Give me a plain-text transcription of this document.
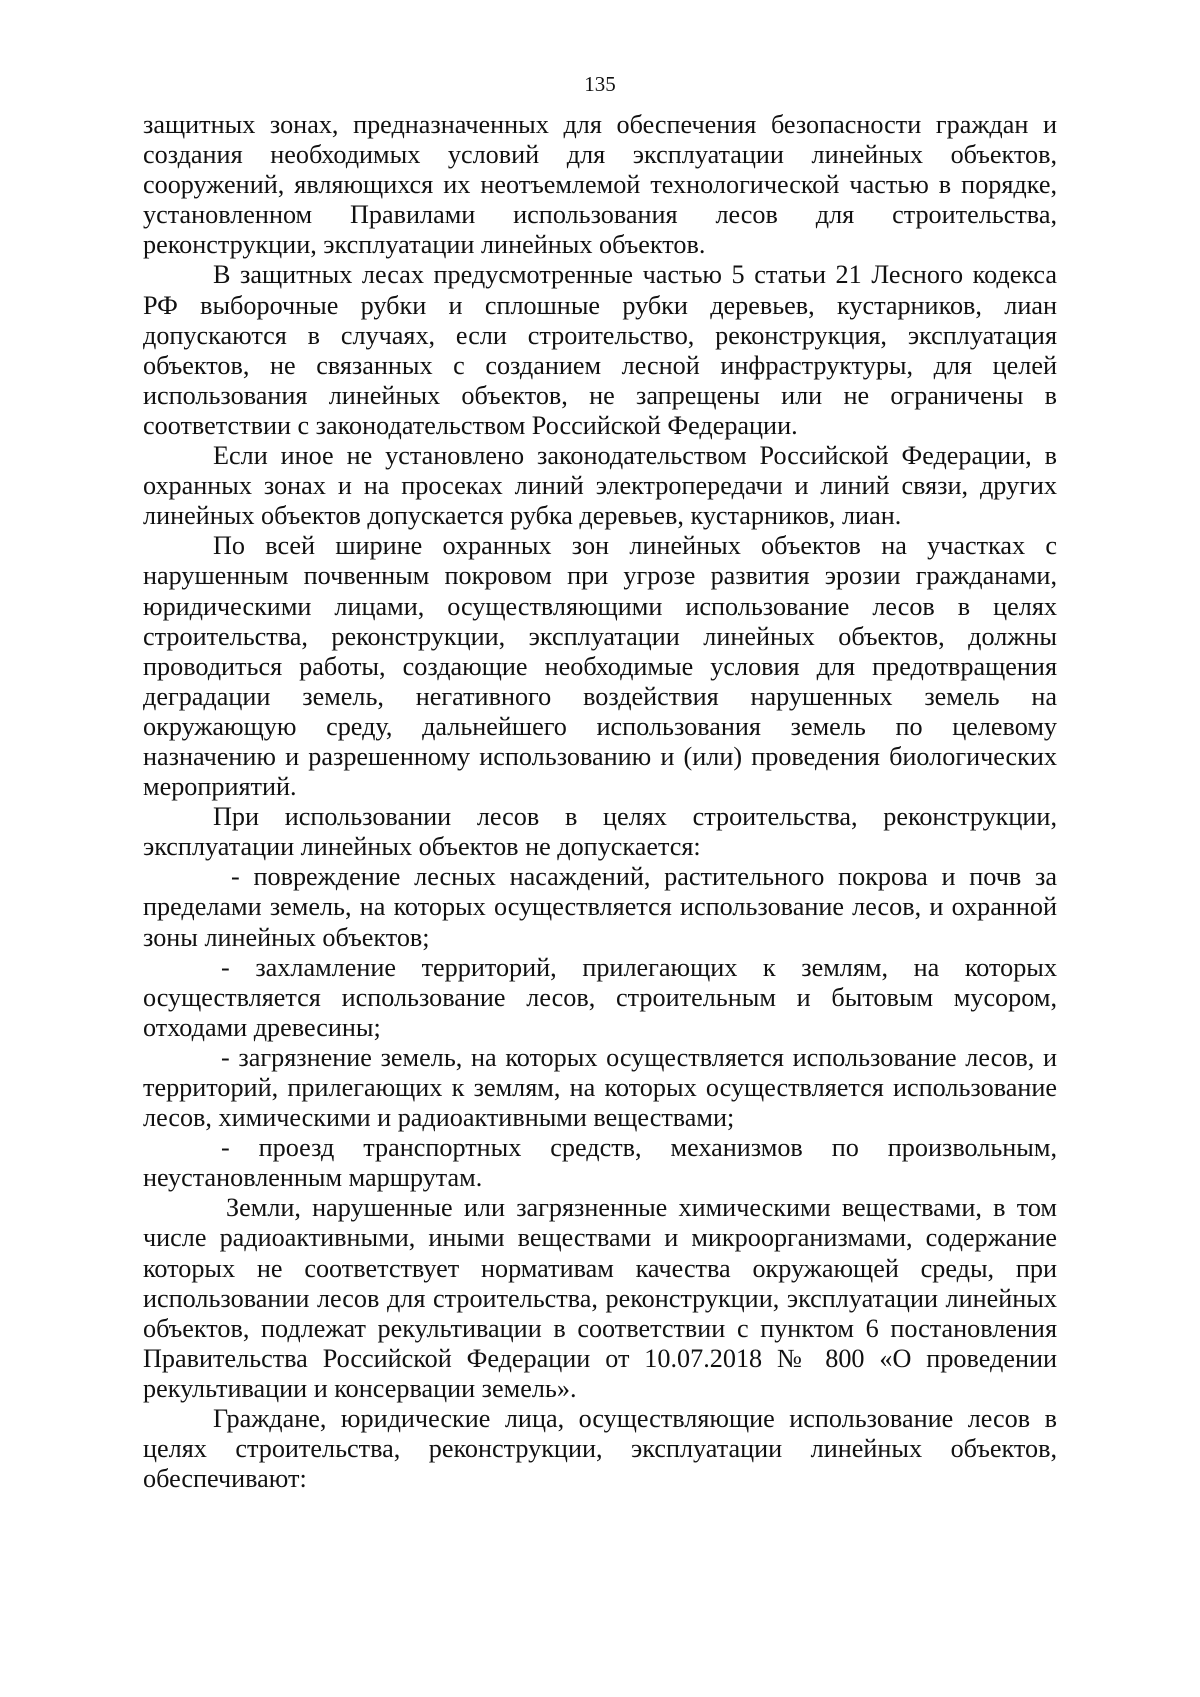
135

защитных зонах, предназначенных для обеспечения безопасности граждан и создания необходимых условий для эксплуатации линейных объектов, сооружений, являющихся их неотъемлемой технологической частью в порядке, установленном Правилами использования лесов для строительства, реконструкции, эксплуатации линейных объектов.

В защитных лесах предусмотренные частью 5 статьи 21 Лесного кодекса РФ выборочные рубки и сплошные рубки деревьев, кустарников, лиан допускаются в случаях, если строительство, реконструкция, эксплуатация объектов, не связанных с созданием лесной инфраструктуры, для целей использования линейных объектов, не запрещены или не ограничены в соответствии с законодательством Российской Федерации.

Если иное не установлено законодательством Российской Федерации, в охранных зонах и на просеках линий электропередачи и линий связи, других линейных объектов допускается рубка деревьев, кустарников, лиан.

По всей ширине охранных зон линейных объектов на участках с нарушенным почвенным покровом при угрозе развития эрозии гражданами, юридическими лицами, осуществляющими использование лесов в целях строительства, реконструкции, эксплуатации линейных объектов, должны проводиться работы, создающие необходимые условия для предотвращения деградации земель, негативного воздействия нарушенных земель на окружающую среду, дальнейшего использования земель по целевому назначению и разрешенному использованию и (или) проведения биологических мероприятий.

При использовании лесов в целях строительства, реконструкции, эксплуатации линейных объектов не допускается:

- повреждение лесных насаждений, растительного покрова и почв за пределами земель, на которых осуществляется использование лесов, и охранной зоны линейных объектов;

- захламление территорий, прилегающих к землям, на которых осуществляется использование лесов, строительным и бытовым мусором, отходами древесины;

- загрязнение земель, на которых осуществляется использование лесов, и территорий, прилегающих к землям, на которых осуществляется использование лесов, химическими и радиоактивными веществами;

- проезд транспортных средств, механизмов по произвольным, неустановленным маршрутам.

Земли, нарушенные или загрязненные химическими веществами, в том числе радиоактивными, иными веществами и микроорганизмами, содержание которых не соответствует нормативам качества окружающей среды, при использовании лесов для строительства, реконструкции, эксплуатации линейных объектов, подлежат рекультивации в соответствии с пунктом 6 постановления Правительства Российской Федерации от 10.07.2018 № 800 «О проведении рекультивации и консервации земель».

Граждане, юридические лица, осуществляющие использование лесов в целях строительства, реконструкции, эксплуатации линейных объектов, обеспечивают:
